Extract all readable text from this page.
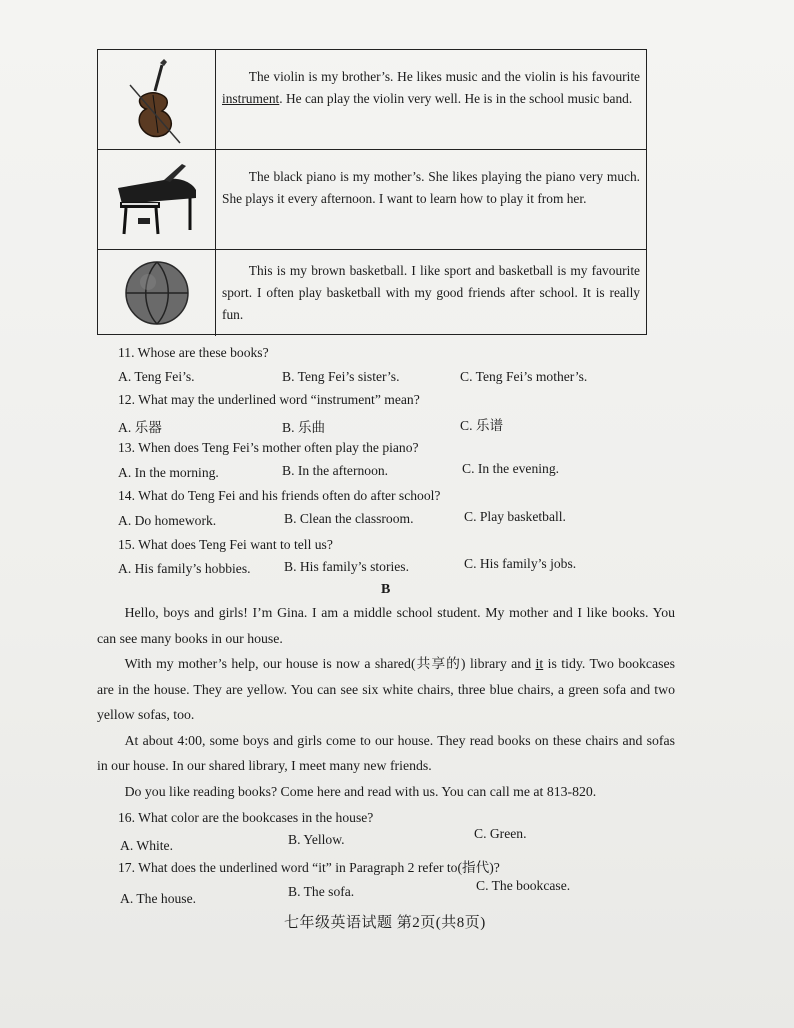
The violin is my brother’s. He likes music and the violin is his favourite instrument. He can play the violin very well. He is in the school music band.

The black piano is my mother’s. She likes playing the piano very much. She plays it every afternoon. I want to learn how to play it from her.

This is my brown basketball. I like sport and basketball is my favourite sport. I often play basketball with my good friends after school. It is really fun.

11. Whose are these books?
A. Teng Fei’s.	B. Teng Fei’s sister’s.	C. Teng Fei’s mother’s.
12. What may the underlined word “instrument” mean?
A. 乐器	B. 乐曲	C. 乐谱
13. When does Teng Fei’s mother often play the piano?
A. In the morning.	B. In the afternoon.	C. In the evening.
14. What do Teng Fei and his friends often do after school?
A. Do homework.	B. Clean the classroom.	C. Play basketball.
15. What does Teng Fei want to tell us?
A. His family’s hobbies. B. His family’s stories.	C. His family’s jobs.
B

Hello, boys and girls! I’m Gina. I am a middle school student. My mother and I like books. You can see many books in our house.

With my mother’s help, our house is now a shared(共享的) library and it is tidy. Two bookcases are in the house. They are yellow. You can see six white chairs, three blue chairs, a green sofa and two yellow sofas, too.

At about 4:00, some boys and girls come to our house. They read books on these chairs and sofas in our house. In our shared library, I meet many new friends.

Do you like reading books? Come here and read with us. You can call me at 813-820.

16. What color are the bookcases in the house?
A. White.	B. Yellow.	C. Green.
17. What does the underlined word “it” in Paragraph 2 refer to(指代)?
A. The house.	B. The sofa.	C. The bookcase.
七年级英语试题 第2页(共8页)
